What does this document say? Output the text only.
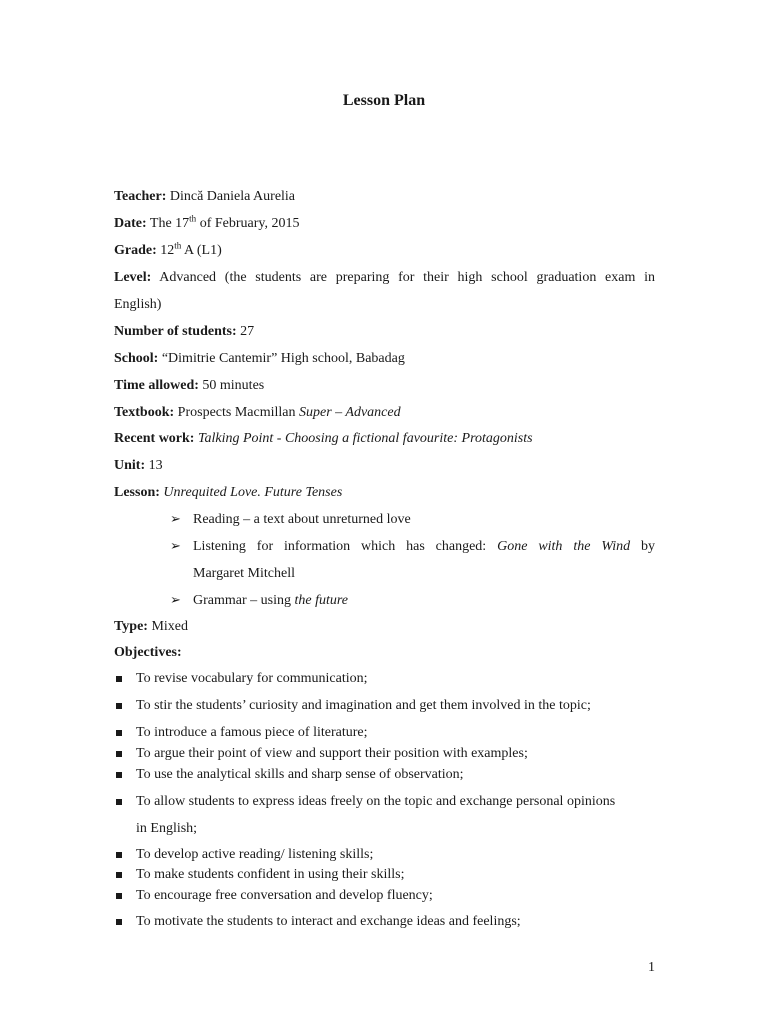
Lesson Plan
Teacher: Dincă Daniela Aurelia
Date: The 17th of February, 2015
Grade: 12th A (L1)
Level: Advanced (the students are preparing for their high school graduation exam in
English)
Number of students: 27
School: “Dimitrie Cantemir” High school, Babadag
Time allowed: 50 minutes
Textbook: Prospects Macmillan Super – Advanced
Recent work: Talking Point - Choosing a fictional favourite: Protagonists
Unit: 13
Lesson: Unrequited Love. Future Tenses
➢ Reading – a text about unreturned love
➢ Listening for information which has changed: Gone with the Wind by
Margaret Mitchell
➢ Grammar – using the future
Type: Mixed
Objectives:
To revise vocabulary for communication;
To stir the students’ curiosity and imagination and get them involved in the topic;
To introduce a famous piece of literature;
To argue their point of view and support their position with examples;
To use the analytical skills and sharp sense of observation;
To allow students to express ideas freely on the topic and exchange personal opinions
in English;
To develop active reading/ listening skills;
To make students confident in using their skills;
To encourage free conversation and develop fluency;
To motivate the students to interact and exchange ideas and feelings;
1
